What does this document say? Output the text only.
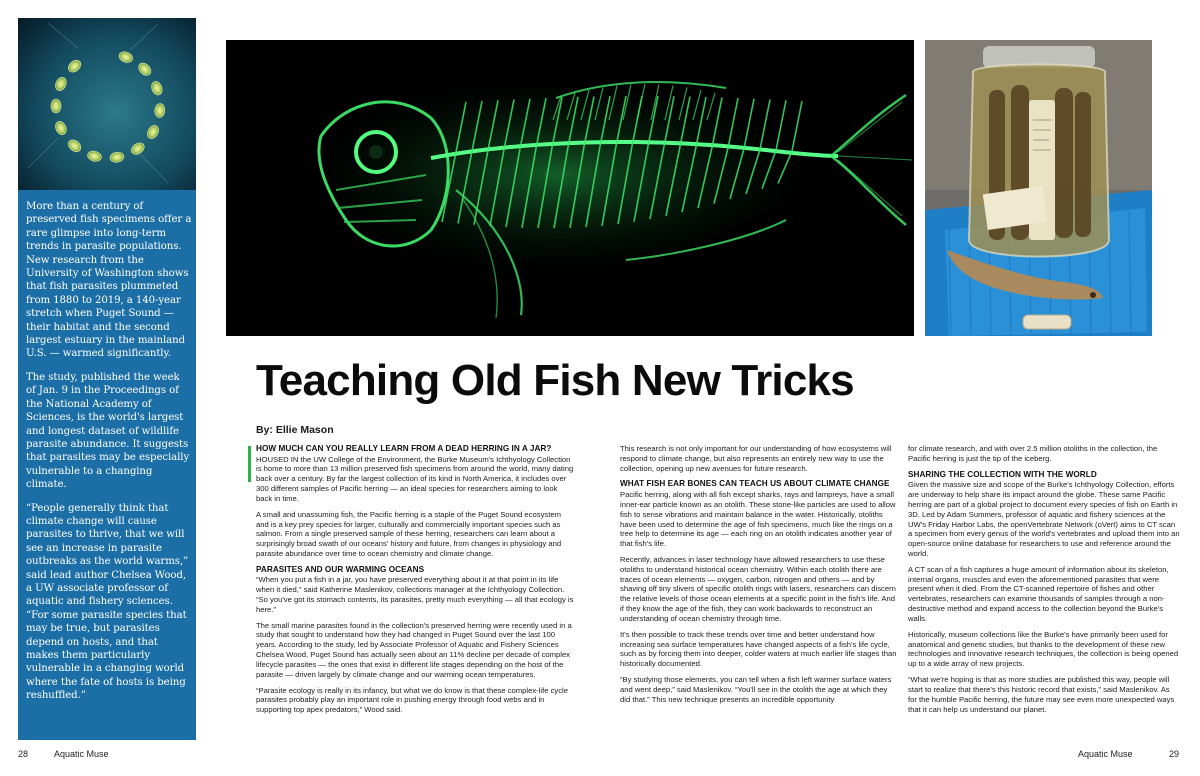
More than a century of preserved fish specimens offer a rare glimpse into long-term trends in parasite populations. New research from the University of Washington shows that fish parasites plummeted from 1880 to 2019, a 140-year stretch when Puget Sound — their habitat and the second largest estuary in the mainland U.S. — warmed significantly.

The study, published the week of Jan. 9 in the Proceedings of the National Academy of Sciences, is the world's largest and longest dataset of wildlife parasite abundance. It suggests that parasites may be especially vulnerable to a changing climate.

“People generally think that climate change will cause parasites to thrive, that we will see an increase in parasite outbreaks as the world warms,” said lead author Chelsea Wood, a UW associate professor of aquatic and fishery sciences. “For some parasite species that may be true, but parasites depend on hosts, and that makes them particularly vulnerable in a changing world where the fate of hosts is being reshuffled.”

Teaching Old Fish New Tricks
By: Ellie Mason
HOW MUCH CAN YOU REALLY LEARN FROM A DEAD HERRING IN A JAR?

HOUSED IN the UW College of the Environment, the Burke Museum's Ichthyology Collection is home to more than 13 million preserved fish specimens from around the world, many dating back over a century. By far the largest collection of its kind in North America, it includes over 300 different samples of Pacific herring — an ideal species for researchers aiming to look back in time.

A small and unassuming fish, the Pacific herring is a staple of the Puget Sound ecosystem and is a key prey species for larger, culturally and commercially important species such as salmon. From a single preserved sample of these herring, researchers can learn about a surprisingly broad swath of our oceans' history and future, from changes in physiology and parasite abundance over time to ocean chemistry and climate change.

PARASITES AND OUR WARMING OCEANS

“When you put a fish in a jar, you have preserved everything about it at that point in its life when it died,” said Katherine Maslenikov, collections manager at the Ichthyology Collection. “So you've got its stomach contents, its parasites, pretty much everything — all that ecology is here.”

The small marine parasites found in the collection's preserved herring were recently used in a study that sought to understand how they had changed in Puget Sound over the last 100 years. According to the study, led by Associate Professor of Aquatic and Fishery Sciences Chelsea Wood, Puget Sound has actually seen about an 11% decline per decade of complex lifecycle parasites — the ones that exist in different life stages depending on the host of the parasite — driven largely by climate change and our warming ocean temperatures.

“Parasite ecology is really in its infancy, but what we do know is that these complex-life cycle parasites probably play an important role in pushing energy through food webs and in supporting top apex predators,” Wood said.

This research is not only important for our understanding of how ecosystems will respond to climate change, but also represents an entirely new way to use the collection, opening up new avenues for future research.

WHAT FISH EAR BONES CAN TEACH US ABOUT CLIMATE CHANGE

Pacific herring, along with all fish except sharks, rays and lampreys, have a small inner-ear particle known as an otolith. These stone-like particles are used to allow fish to sense vibrations and maintain balance in the water. Historically, otoliths have been used to determine the age of fish specimens, much like the rings on a tree help to determine its age — each ring on an otolith indicates another year of that fish's life.

Recently, advances in laser technology have allowed researchers to use these otoliths to understand historical ocean chemistry. Within each otolith there are traces of ocean elements — oxygen, carbon, nitrogen and others — and by shaving off tiny slivers of specific otolith rings with lasers, researchers can discern the relative levels of those ocean elements at a specific point in the fish's life. And if they know the age of the fish, they can work backwards to reconstruct an understanding of ocean chemistry through time.

It's then possible to track these trends over time and better understand how increasing sea surface temperatures have changed aspects of a fish's life cycle, such as by forcing them into deeper, colder waters at much earlier life stages than historically documented.

“By studying those elements, you can tell when a fish left warmer surface waters and went deep,” said Maslenikov. “You'll see in the otolith the age at which they did that.” This new technique presents an incredible opportunity

for climate research, and with over 2.5 million otoliths in the collection, the Pacific herring is just the tip of the iceberg.

SHARING THE COLLECTION WITH THE WORLD

Given the massive size and scope of the Burke's Ichthyology Collection, efforts are underway to help share its impact around the globe. These same Pacific herring are part of a global project to document every species of fish on Earth in 3D. Led by Adam Summers, professor of aquatic and fishery sciences at the UW's Friday Harbor Labs, the openVertebrate Network (oVert) aims to CT scan a specimen from every genus of the world's vertebrates and upload them into an open-source online database for researchers to use and reference around the world.

A CT scan of a fish captures a huge amount of information about its skeleton, internal organs, muscles and even the aforementioned parasites that were present when it died. From the CT-scanned repertoire of fishes and other vertebrates, researchers can examine thousands of samples through a non-destructive method and expand access to the collection beyond the Burke's walls.

Historically, museum collections like the Burke's have primarily been used for anatomical and genetic studies, but thanks to the development of these new technologies and innovative research techniques, the collection is being opened up to a wide array of new projects.

“What we're hoping is that as more studies are published this way, people will start to realize that there's this historic record that exists,” said Maslenikov. As for the humble Pacific herring, the future may see even more unexpected ways that it can help us understand our planet.

28	Aquatic Muse	Aquatic Muse	29
